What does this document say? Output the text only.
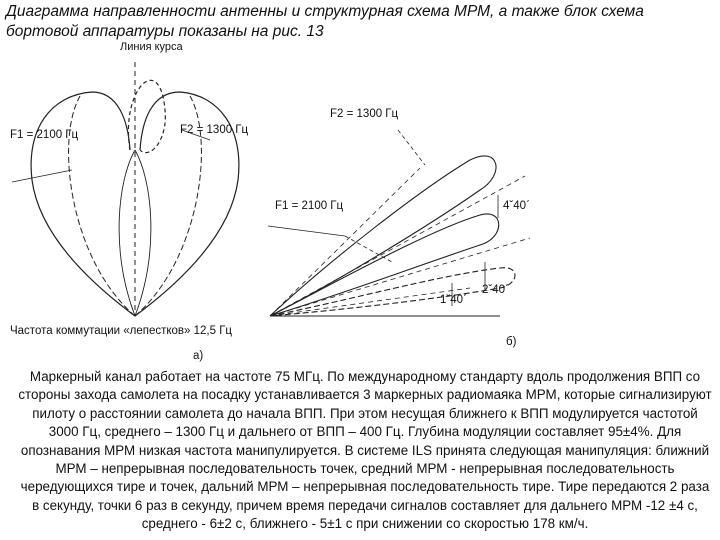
Диаграмма направленности антенны и структурная схема МРМ, а также блок схема бортовой аппаратуры показаны на рис. 13
Линия курса
F1 = 2100 Гц	F2 = 1300 Гц
Частота коммутации «лепестков» 12,5 Гц
а)
F2 = 1300 Гц
F1 = 2100 Гц	4ˇ40ˊ
2ˇ40ˊ
1ˇ40ˊ
б)

Маркерный канал работает на частоте 75 МГц. По международному стандарту вдоль продолжения ВПП со стороны захода самолета на посадку устанавливается 3 маркерных радиомаяка МРМ, которые сигнализируют пилоту о расстоянии самолета до начала ВПП. При этом несущая ближнего к ВПП модулируется частотой 3000 Гц, среднего – 1300 Гц и дальнего от ВПП – 400 Гц. Глубина модуляции составляет 95±4%. Для опознавания МРМ низкая частота манипулируется. В системе ILS принята следующая манипуляция: ближний МРМ – непрерывная последовательность точек, средний МРМ - непрерывная последовательность чередующихся тире и точек, дальний МРМ – непрерывная последовательность тире. Тире передаются 2 раза в секунду, точки 6 раз в секунду, причем время передачи сигналов составляет для дальнего МРМ -12 ±4 с, среднего - 6±2 с, ближнего - 5±1 с при снижении со скоростью 178 км/ч.
